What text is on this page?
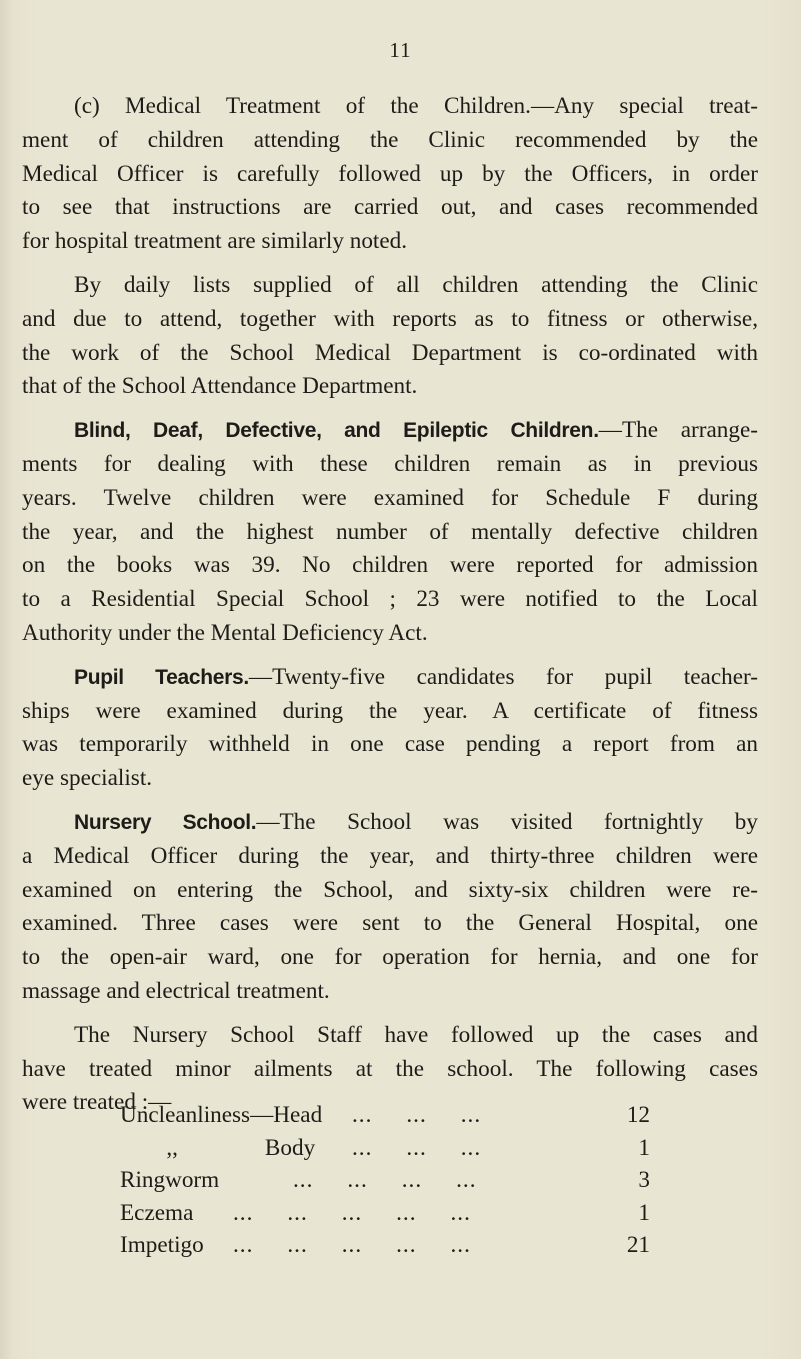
11
(c) Medical Treatment of the Children.—Any special treat-
ment of children attending the Clinic recommended by the
Medical Officer is carefully followed up by the Officers, in order
to see that instructions are carried out, and cases recommended
for hospital treatment are similarly noted.
By daily lists supplied of all children attending the Clinic
and due to attend, together with reports as to fitness or otherwise,
the work of the School Medical Department is co-ordinated with
that of the School Attendance Department.
Blind, Deaf, Defective, and Epileptic Children.—The arrange-
ments for dealing with these children remain as in previous
years. Twelve children were examined for Schedule F during
the year, and the highest number of mentally defective children
on the books was 39. No children were reported for admission
to a Residential Special School ; 23 were notified to the Local
Authority under the Mental Deficiency Act.
Pupil Teachers.—Twenty-five candidates for pupil teacher-
ships were examined during the year. A certificate of fitness
was temporarily withheld in one case pending a report from an
eye specialist.
Nursery School.—The School was visited fortnightly by
a Medical Officer during the year, and thirty-three children were
examined on entering the School, and sixty-six children were re-
examined. Three cases were sent to the General Hospital, one
to the open-air ward, one for operation for hernia, and one for
massage and electrical treatment.
The Nursery School Staff have followed up the cases and
have treated minor ailments at the school. The following cases
were treated :—
Uncleanliness—Head ...     ...     ...	12
,,               Body ...     ...     ...	1
Ringworm	...     ...     ...     ...	3
Eczema ...     ...     ...     ...     ...	1
Impetigo ...     ...     ...     ...     ...	21
